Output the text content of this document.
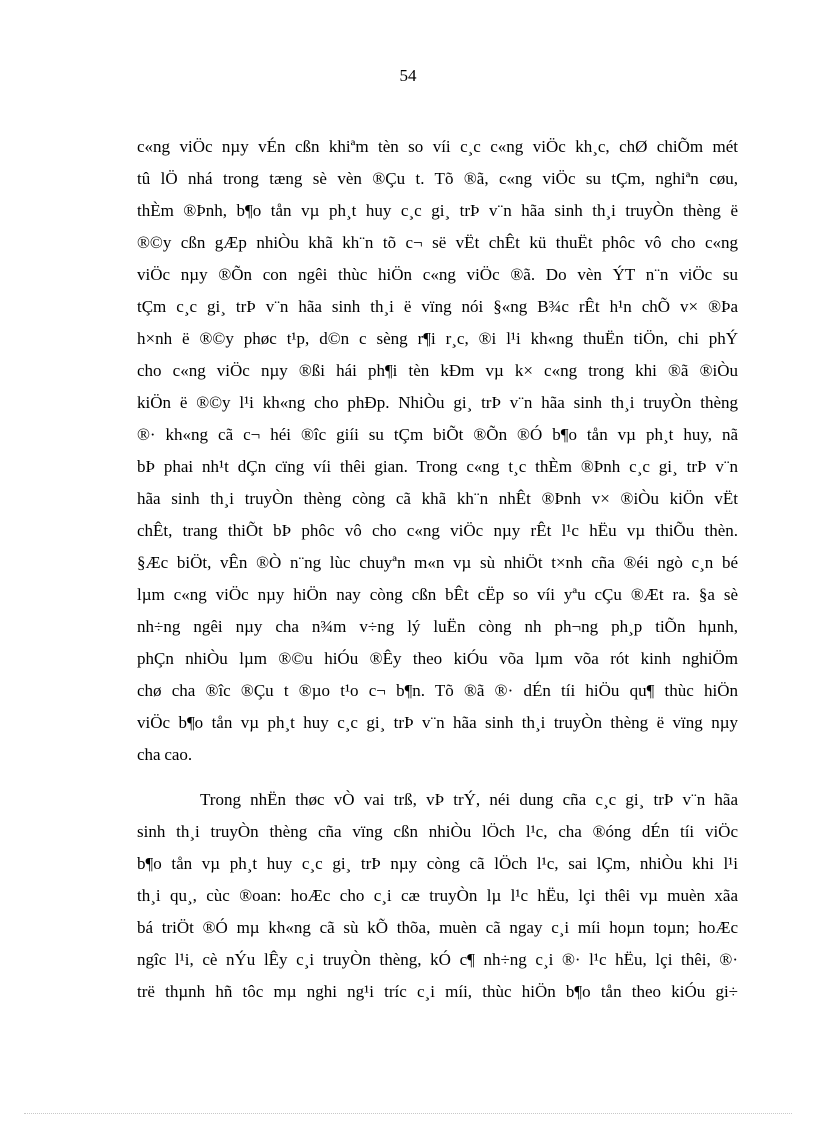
54
c«ng viÖc nµy vÉn cßn khiªm tèn so víi c¸c c«ng viÖc kh¸c, chØ chiÕm mét
tû lÖ nhá trong tæng sè vèn ®Çu t. Tõ ®ã, c«ng viÖc su tÇm, nghiªn cøu,
thÈm ®Þnh, b¶o tån vµ ph¸t huy c¸c gi¸ trÞ v¨n hãa sinh th¸i truyÒn thèng ë
®©y cßn gÆp nhiÒu khã kh¨n tõ c¬ së vËt chÊt kü thuËt phôc vô cho c«ng
viÖc nµy ®Õn con ngêi thùc hiÖn c«ng viÖc ®ã. Do vèn ÝT n¨n viÖc su
tÇm c¸c gi¸ trÞ v¨n hãa sinh th¸i ë vïng nói §«ng B¾c rÊt h¹n chÕ v× ®Þa
h×nh ë ®©y phøc t¹p, d©n c sèng r¶i r¸c, ®i l¹i kh«ng thuËn tiÖn, chi phÝ
cho c«ng viÖc nµy ®ßi hái ph¶i tèn kÐm vµ k× c«ng trong khi ®ã ®iÒu
kiÖn ë ®©y l¹i kh«ng cho phÐp. NhiÒu gi¸ trÞ v¨n hãa sinh th¸i truyÒn thèng
®· kh«ng cã c¬ héi ®îc giíi su tÇm biÕt ®Õn ®Ó b¶o tån vµ ph¸t huy, nã
bÞ phai nh¹t dÇn cïng víi thêi gian. Trong c«ng t¸c thÈm ®Þnh c¸c gi¸ trÞ v¨n
hãa sinh th¸i truyÒn thèng còng cã khã kh¨n nhÊt ®Þnh v× ®iÒu kiÖn vËt
chÊt, trang thiÕt bÞ phôc vô cho c«ng viÖc nµy rÊt l¹c hËu vµ thiÕu thèn.
§Æc biÖt, vÊn ®Ò n¨ng lùc chuyªn m«n vµ sù nhiÖt t×nh cña ®éi ngò c¸n bé
lµm c«ng viÖc nµy hiÖn nay còng cßn bÊt cËp so víi yªu cÇu ®Æt ra. §a sè
nh÷ng ngêi nµy cha n¾m v÷ng lý luËn còng nh ph¬ng ph¸p tiÕn hµnh,
phÇn nhiÒu lµm ®©u hiÓu ®Êy theo kiÓu võa lµm võa rót kinh nghiÖm
chø cha ®îc ®Çu t ®µo t¹o c¬ b¶n. Tõ ®ã ®· dÉn tíi hiÖu qu¶ thùc hiÖn
viÖc b¶o tån vµ ph¸t huy c¸c gi¸ trÞ v¨n hãa sinh th¸i truyÒn thèng ë vïng nµy
cha cao.
Trong nhËn thøc vÒ vai trß, vÞ trÝ, néi dung cña c¸c gi¸ trÞ v¨n hãa
sinh th¸i truyÒn thèng cña vïng cßn nhiÒu lÖch l¹c, cha ®óng dÉn tíi viÖc
b¶o tån vµ ph¸t huy c¸c gi¸ trÞ nµy còng cã lÖch l¹c, sai lÇm, nhiÒu khi l¹i
th¸i qu¸, cùc ®oan: hoÆc cho c¸i cæ truyÒn lµ l¹c hËu, lçi thêi vµ muèn xãa
bá triÖt ®Ó mµ kh«ng cã sù kÕ thõa, muèn cã ngay c¸i míi hoµn toµn; hoÆc
ngîc l¹i, cè nÝu lÊy c¸i truyÒn thèng, kÓ c¶ nh÷ng c¸i ®· l¹c hËu, lçi thêi, ®·
trë thµnh hñ tôc mµ nghi ng¹i tríc c¸i míi, thùc hiÖn b¶o tån theo kiÓu gi÷
